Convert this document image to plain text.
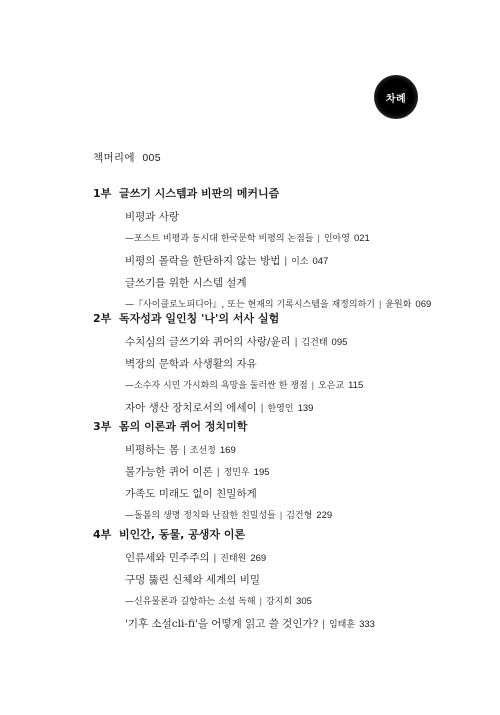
차례
책머리에 005
1부 글쓰기 시스템과 비판의 메커니즘
비평과 사랑
—포스트 비평과 동시대 한국문학 비평의 논점들 | 인아영 021
비평의 몰락을 한탄하지 않는 방법 | 이소 047
글쓰기를 위한 시스템 설계
—『사이클로노피디아』, 또는 현재의 기록시스템을 재정의하기 | 윤원화 069
2부 독자성과 일인칭 '나'의 서사 실험
수치심의 글쓰기와 퀴어의 사랑/윤리 | 김건태 095
벽장의 문학과 사생활의 자유
—소수자 시민 가시화의 욕망을 둘러싼 한 쟁점 | 오은교 115
자아 생산 장치로서의 에세이 | 한영인 139
3부 몸의 이론과 퀴어 정치미학
비평하는 몸 | 조선정 169
불가능한 퀴어 이론 | 정민우 195
가족도 미래도 없이 친밀하게
—돌봄의 생명 정치와 난잡한 친밀성들 | 김건형 229
4부 비인간, 동물, 공생자 이론
인류세와 민주주의 | 진태원 269
구멍 뚫린 신체와 세계의 비밀
—신유물론과 길항하는 소설 독해 | 강지희 305
'기후 소설cli-fi'을 어떻게 읽고 쓸 것인가? | 임태훈 333
